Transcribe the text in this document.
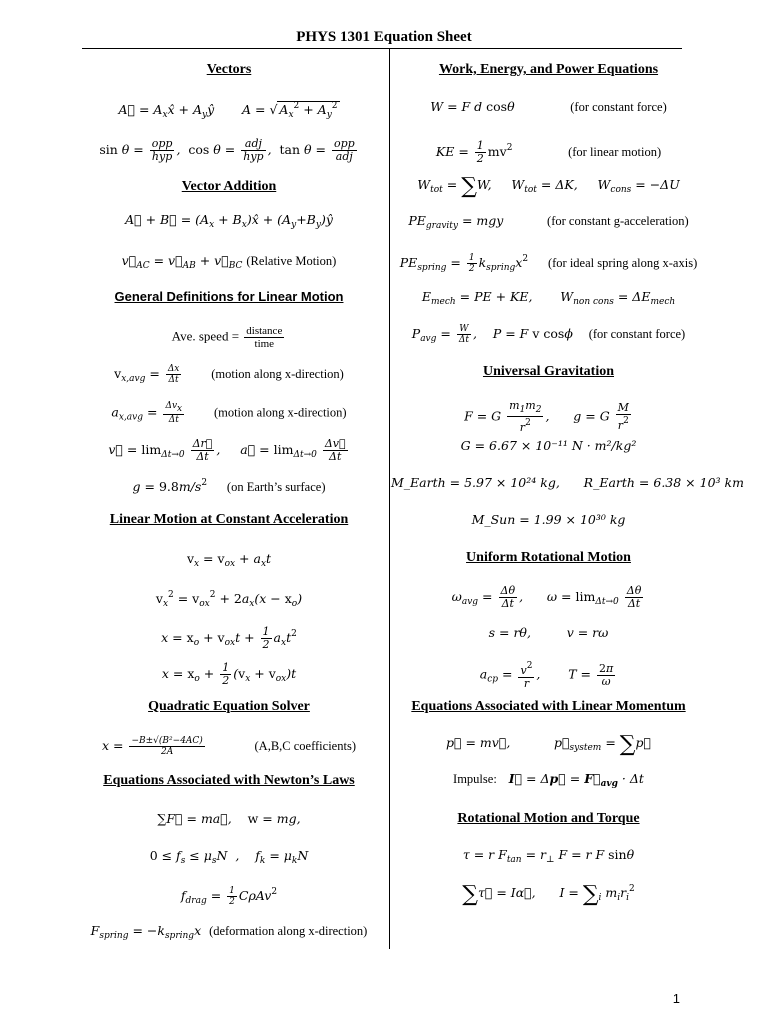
PHYS 1301 Equation Sheet
Vectors
A⃗ = $A_xx̂$ + $A_yŷ$       A = √ $A_x^2 + A_y^2$
$\sin \theta = \frac{\text{opp}}{\text{hyp}}$ ,  $\cos \theta = \frac{\text{adj}}{\text{hyp}}$ ,  $\tan \theta = \frac{\text{opp}}{\text{adj}}$
Vector Addition
A⃗ + B⃗ = ($A_x$ + $B_x)x̂$ + $(A_y+B_y)ŷ$
$v⃗_{AC}$ = $v⃗_{AB}$ + $v⃗_{BC}$ (Relative Motion)
General Definitions for Linear Motion
Ave. speed = $\frac{\text{distance}}{\text{time}}$
$v_{x,avg} = \frac{\Delta x}{\Delta t}$ (motion along x-direction)
$a_{x,avg} = \frac{\text{Δvx}}{\Delta t}$ (motion along x-direction)
v⃗ = $\lim_{\Delta t\to 0} \frac{\Delta r⃗}{\Delta t}$ ,     a⃗ = $\lim_{\Delta t\to 0} \frac{\Delta v⃗}{\Delta t}$
$g = 9.8m/s^2$ (on Earth’s surface)
Linear Motion at Constant Acceleration
$v_x = v_{ox} + a_xt$
$v_x^2 = v_{ox}^2 + 2a_x(x - x_o)$
$x = x_o + v_{ox}t + \frac{1}{2} a_xt^2$
$x = x_o + \frac{1}{2} (v_x + v_{ox})t$
Quadratic Equation Solver
$x = \frac{\text{−B±√(B²−4AC)}}{2A}$	(A,B,C coefficients)
Equations Associated with Newton’s Laws
∑F⃗ = ma⃗,    w = mg,
$0 \le f_s \le \mu_sN$  ,    $f_k = \mu_kN$
$f_{drag} = \frac{1}{2} C\rho Av^2$
$F_{spring} = -k_{spring}x$  (deformation along x-direction)
Work, Energy, and Power Equations
W = F d cosθ              (for constant force)
KE = $\frac{1}{2} mv^2$	(for linear motion)
$W_{tot} = \sum W$,     $W_{tot} = \Delta K$,     $W_{cons} = -\Delta U$
$PE_{gravity}$ = mgy           (for constant g-acceleration)
$PE_{spring} = \frac{1}{2} k_{spring}x^2$ (for ideal spring along x-axis)
$E_{mech}$ = PE + KE,       $W_{non cons} = \Delta E_{mech}$
$P_{avg} = \frac{W}{\Delta t}$ ,    P = F v cosϕ    (for constant force)
Universal Gravitation
F = G $\frac{m_1m_2}{r^2}$ ,      g = G $\frac{M}{r^2}$
G = 6.67 × 10⁻¹¹ N · m²/kg²
M_Earth = 5.97 × 10²⁴ kg,      R_Earth = 6.38 × 10³ km
M_Sun = 1.99 × 10³⁰ kg
Uniform Rotational Motion
$\omega_{avg} = \frac{\Delta\theta}{\Delta t}$ ,      $\omega = \lim_{\Delta t\to 0} \frac{\Delta\theta}{\Delta t}$
s = rθ,         v = rω
$a_{cp} = \frac{v^2}{r}$ ,       $T = \frac{2\pi}{\omega}$
Equations Associated with Linear Momentum
p⃗ = mv⃗,           $p⃗_{system}$ = ∑p⃗
Impulse: I⃗ = Δp⃗ = $F⃗_{avg} \cdot \Delta t$
Rotational Motion and Torque
τ = r $F_{tan} = r_\perp$ F = r F sinθ
∑τ⃗ = Iα⃗,      $I = \sum_i$ $m_ir_i^2$
1
